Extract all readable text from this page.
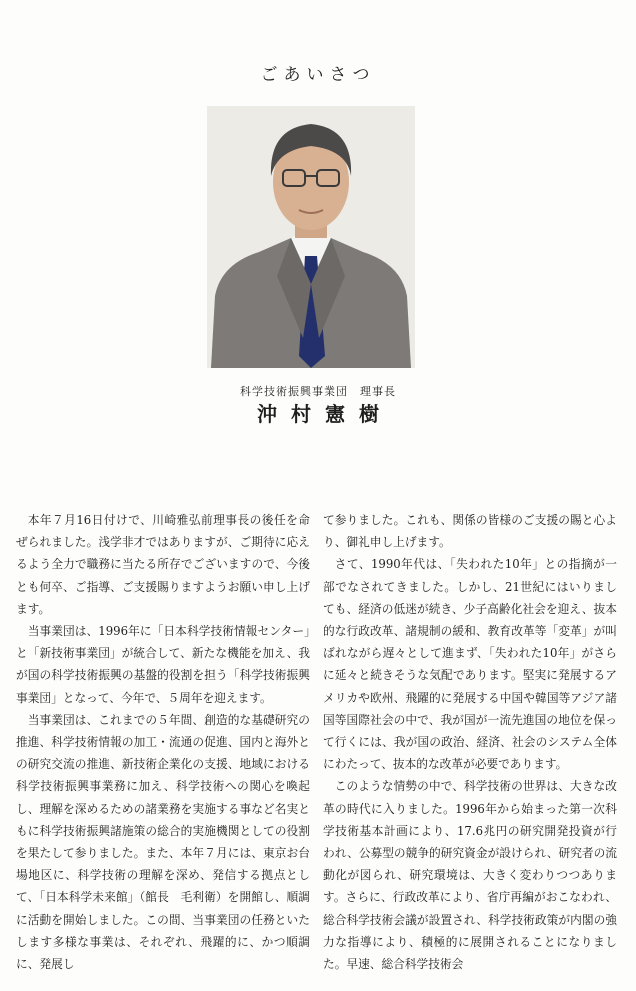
ごあいさつ
科学技術振興事業団　理事長
沖村憲樹

本年７月16日付けで、川崎雅弘前理事長の後任を命ぜられました。浅学非才ではありますが、ご期待に応えるよう全力で職務に当たる所存でございますので、今後とも何卒、ご指導、ご支援賜りますようお願い申し上げます。

当事業団は、1996年に「日本科学技術情報センター」と「新技術事業団」が統合して、新たな機能を加え、我が国の科学技術振興の基盤的役割を担う「科学技術振興事業団」となって、今年で、５周年を迎えます。

当事業団は、これまでの５年間、創造的な基礎研究の推進、科学技術情報の加工・流通の促進、国内と海外との研究交流の推進、新技術企業化の支援、地域における科学技術振興事業務に加え、科学技術への関心を喚起し、理解を深めるための諸業務を実施する事など名実ともに科学技術振興諸施策の総合的実施機関としての役割を果たして参りました。また、本年７月には、東京お台場地区に、科学技術の理解を深め、発信する拠点として、「日本科学未来館」（館長　毛利衛）を開館し、順調に活動を開始しました。この間、当事業団の任務といたします多様な事業は、それぞれ、飛躍的に、かつ順調に、発展し

て参りました。これも、関係の皆様のご支援の賜と心より、御礼申し上げます。

さて、1990年代は、「失われた10年」との指摘が一部でなされてきました。しかし、21世紀にはいりましても、経済の低迷が続き、少子高齢化社会を迎え、抜本的な行政改革、諸規制の緩和、教育改革等「変革」が叫ばれながら遅々として進まず、「失われた10年」がさらに延々と続きそうな気配であります。堅実に発展するアメリカや欧州、飛躍的に発展する中国や韓国等アジア諸国等国際社会の中で、我が国が一流先進国の地位を保って行くには、我が国の政治、経済、社会のシステム全体にわたって、抜本的な改革が必要であります。

このような情勢の中で、科学技術の世界は、大きな改革の時代に入りました。1996年から始まった第一次科学技術基本計画により、17.6兆円の研究開発投資が行われ、公募型の競争的研究資金が設けられ、研究者の流動化が図られ、研究環境は、大きく変わりつつあります。さらに、行政改革により、省庁再編がおこなわれ、総合科学技術会議が設置され、科学技術政策が内閣の強力な指導により、積極的に展開されることになりました。早速、総合科学技術会
